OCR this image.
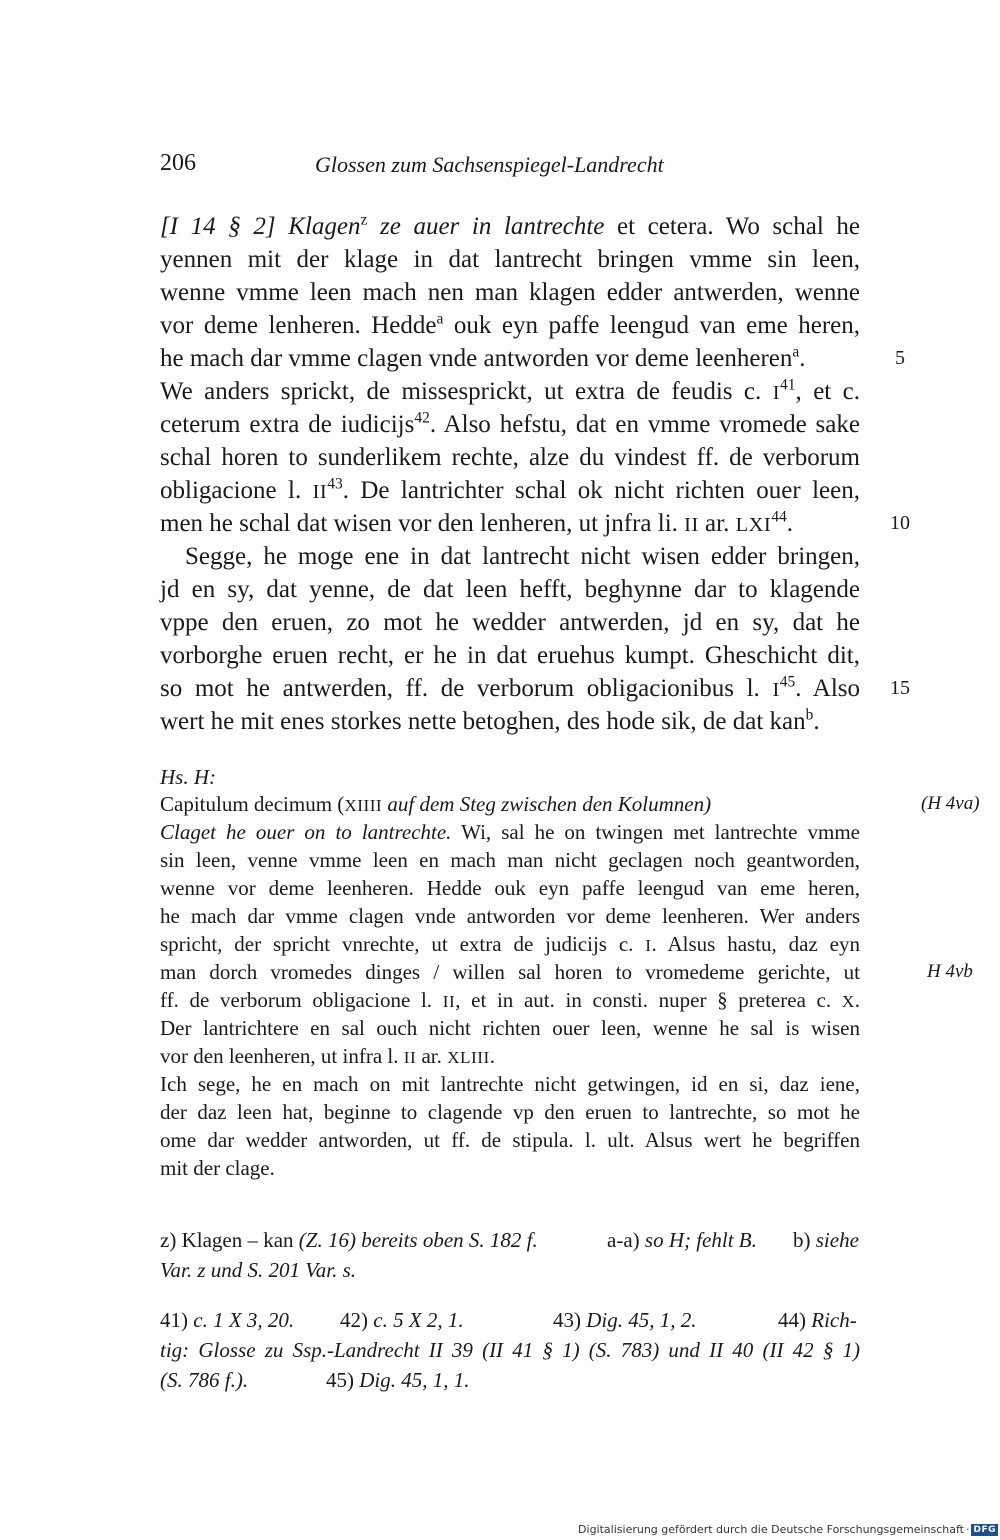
206	Glossen zum Sachsenspiegel-Landrecht
[I 14 § 2] Klagen$^z$ ze auer in lantrechte et cetera. Wo schal he
yennen mit der klage in dat lantrecht bringen vmme sin leen,
wenne vmme leen mach nen man klagen edder antwerden, wenne
vor deme lenheren. Hedde$^a$ ouk eyn paffe leengud van eme heren,
he mach dar vmme clagen vnde antworden vor deme leenheren$^a$.
We anders sprickt, de missesprickt, ut extra de feudis c. $I^{41}$, et c.
ceterum extra de iudicijs$^{42}$. Also hefstu, dat en vmme vromede sake
schal horen to sunderlikem rechte, alze du vindest ff. de verborum
obligacione l. II$^{43}$. De lantrichter schal ok nicht richten ouer leen,
men he schal dat wisen vor den lenheren, ut jnfra li. II ar. LXI$^{44}$.
Segge, he moge ene in dat lantrecht nicht wisen edder bringen,
jd en sy, dat yenne, de dat leen hefft, beghynne dar to klagende
vppe den eruen, zo mot he wedder antwerden, jd en sy, dat he
vorborghe eruen recht, er he in dat eruehus kumpt. Gheschicht dit,
so mot he antwerden, ff. de verborum obligacionibus l. $I^{45}$. Also
wert he mit enes storkes nette betoghen, des hode sik, de dat kan$^b$.
5
10
15
Hs. H:
Capitulum decimum (XIIII auf dem Steg zwischen den Kolumnen)
Claget he ouer on to lantrechte. Wi, sal he on twingen met lantrechte vmme
sin leen, venne vmme leen en mach man nicht geclagen noch geantworden,
wenne vor deme leenheren. Hedde ouk eyn paffe leengud van eme heren,
he mach dar vmme clagen vnde antworden vor deme leenheren. Wer anders
spricht, der spricht vnrechte, ut extra de judicijs c. I. Alsus hastu, daz eyn
man dorch vromedes dinges / willen sal horen to vromedeme gerichte, ut
ff. de verborum obligacione l. II, et in aut. in consti. nuper § preterea c. X.
Der lantrichtere en sal ouch nicht richten ouer leen, wenne he sal is wisen
vor den leenheren, ut infra l. II ar. XLIII.
Ich sege, he en mach on mit lantrechte nicht getwingen, id en si, daz iene,
der daz leen hat, beginne to clagende vp den eruen to lantrechte, so mot he
ome dar wedder antworden, ut ff. de stipula. l. ult. Alsus wert he begriffen
mit der clage.
(H 4va)
H 4vb
z) Klagen – kan (Z. 16) bereits oben S. 182 f.	a-a) so H; fehlt B. b) siehe
Var. z und S. 201 Var. s.
41) c. 1 X 3, 20. 42) c. 5 X 2, 1.	43) Dig. 45, 1, 2.	44) Rich-
tig: Glosse zu Ssp.-Landrecht II 39 (II 41 § 1) (S. 783) und II 40 (II 42 § 1)
(S. 786 f.).	45) Dig. 45, 1, 1.
Digitalisierung gefördert durch die Deutsche Forschungsgemeinschaft · DFG
